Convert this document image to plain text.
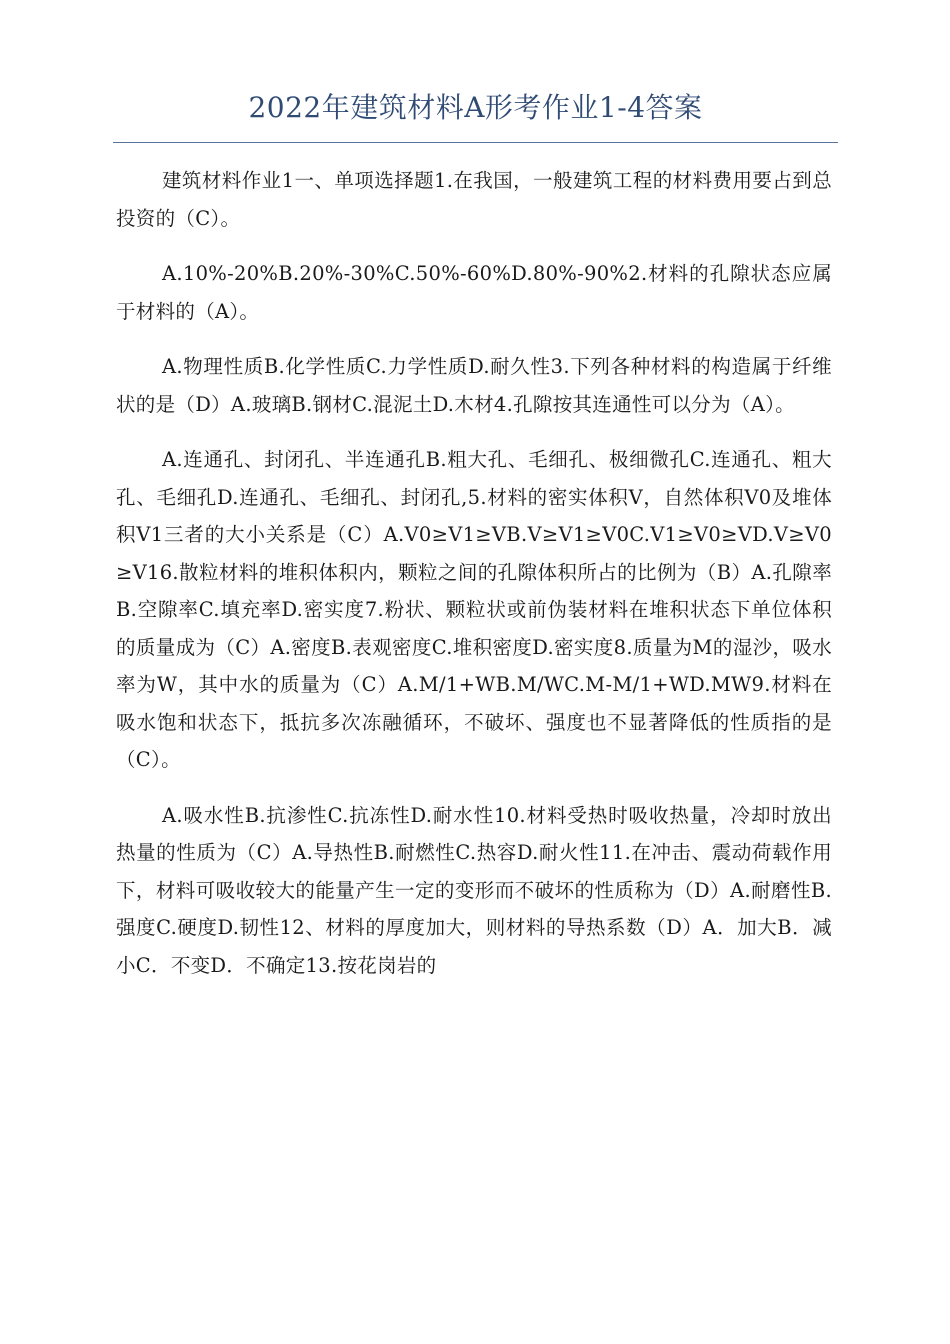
2022年建筑材料A形考作业1-4答案

建筑材料作业1一、单项选择题1.在我国，一般建筑工程的材料费用要占到总投资的（C）。

A.10%-20%B.20%-30%C.50%-60%D.80%-90%2.材料的孔隙状态应属于材料的（A）。

A.物理性质B.化学性质C.力学性质D.耐久性3.下列各种材料的构造属于纤维状的是（D）A.玻璃B.钢材C.混泥土D.木材4.孔隙按其连通性可以分为（A）。

A.连通孔、封闭孔、半连通孔B.粗大孔、毛细孔、极细微孔C.连通孔、粗大孔、毛细孔D.连通孔、毛细孔、封闭孔,5.材料的密实体积V，自然体积V0及堆体积V1三者的大小关系是（C）A.V0≥V1≥VB.V≥V1≥V0C.V1≥V0≥VD.V≥V0≥V16.散粒材料的堆积体积内，颗粒之间的孔隙体积所占的比例为（B）A.孔隙率B.空隙率C.填充率D.密实度7.粉状、颗粒状或前伪装材料在堆积状态下单位体积的质量成为（C）A.密度B.表观密度C.堆积密度D.密实度8.质量为M的湿沙，吸水率为W，其中水的质量为（C）A.M/1+WB.M/WC.M-M/1+WD.MW9.材料在吸水饱和状态下，抵抗多次冻融循环，不破坏、强度也不显著降低的性质指的是（C）。

A.吸水性B.抗渗性C.抗冻性D.耐水性10.材料受热时吸收热量，冷却时放出热量的性质为（C）A.导热性B.耐燃性C.热容D.耐火性11.在冲击、震动荷载作用下，材料可吸收较大的能量产生一定的变形而不破坏的性质称为（D）A.耐磨性B.强度C.硬度D.韧性12、材料的厚度加大，则材料的导热系数（D）A．加大B．减小C．不变D．不确定13.按花岗岩的
